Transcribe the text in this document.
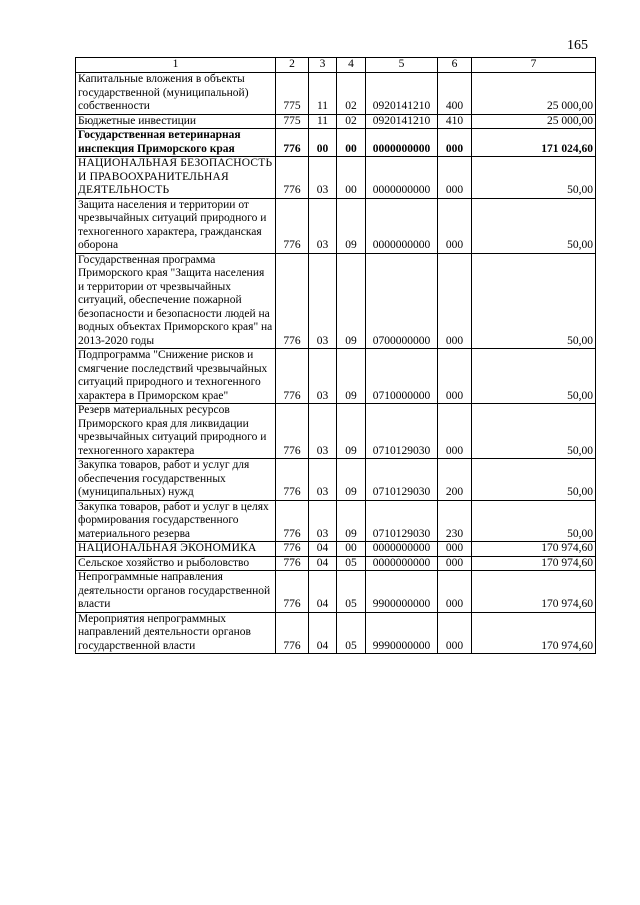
165
1	2	3	4	5	6	7
Капитальные вложения в объекты государственной (муниципальной) собственности	775	11	02	0920141210	400	25 000,00
Бюджетные инвестиции	775	11	02	0920141210	410	25 000,00
Государственная ветеринарная инспекция Приморского края	776	00	00	0000000000	000	171 024,60
НАЦИОНАЛЬНАЯ БЕЗОПАСНОСТЬ И ПРАВООХРАНИТЕЛЬНАЯ ДЕЯТЕЛЬНОСТЬ	776	03	00	0000000000	000	50,00
Защита населения и территории от чрезвычайных ситуаций природного и техногенного характера, гражданская оборона	776	03	09	0000000000	000	50,00
Государственная программа Приморского края "Защита населения и территории от чрезвычайных ситуаций, обеспечение пожарной безопасности и безопасности людей на водных объектах Приморского края" на 2013-2020 годы	776	03	09	0700000000	000	50,00
Подпрограмма "Снижение рисков и смягчение последствий чрезвычайных ситуаций природного и техногенного характера в Приморском крае"	776	03	09	0710000000	000	50,00
Резерв материальных ресурсов Приморского края для ликвидации чрезвычайных ситуаций природного и техногенного характера	776	03	09	0710129030	000	50,00
Закупка товаров, работ и услуг для обеспечения государственных (муниципальных) нужд	776	03	09	0710129030	200	50,00
Закупка товаров, работ и услуг в целях формирования государственного материального резерва	776	03	09	0710129030	230	50,00
НАЦИОНАЛЬНАЯ ЭКОНОМИКА	776	04	00	0000000000	000	170 974,60
Сельское хозяйство и рыболовство	776	04	05	0000000000	000	170 974,60
Непрограммные направления деятельности органов государственной власти	776	04	05	9900000000	000	170 974,60
Мероприятия непрограммных направлений деятельности органов государственной власти	776	04	05	9990000000	000	170 974,60
